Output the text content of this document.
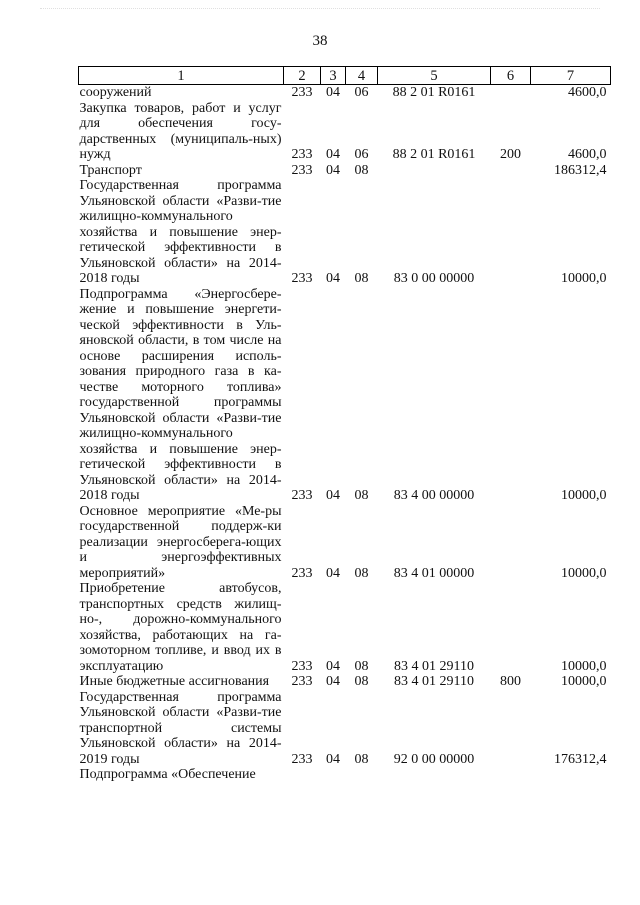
38
1	2	3	4	5	6	7
сооружений	233	04	06	88 2 01 R0161		4600,0
Закупка товаров, работ и услуг для обеспечения госу-дарственных (муниципаль-ных) нужд	233	04	06	88 2 01 R0161	200	4600,0
Транспорт	233	04	08			186312,4
Государственная программа Ульяновской области «Разви-тие жилищно-коммунального хозяйства и повышение энер-гетической эффективности в Ульяновской области» на 2014-2018 годы	233	04	08	83 0 00 00000		10000,0
Подпрограмма «Энергосбере-жение и повышение энергети-ческой эффективности в Уль-яновской области, в том числе на основе расширения исполь-зования природного газа в ка-честве моторного топлива» государственной программы Ульяновской области «Разви-тие жилищно-коммунального хозяйства и повышение энер-гетической эффективности в Ульяновской области» на 2014-2018 годы	233	04	08	83 4 00 00000		10000,0
Основное мероприятие «Ме-ры государственной поддерж-ки реализации энергосберега-ющих и энергоэффективных мероприятий»	233	04	08	83 4 01 00000		10000,0
Приобретение автобусов, транспортных средств жилищ-но-, дорожно-коммунального хозяйства, работающих на га-зомоторном топливе, и ввод их в эксплуатацию	233	04	08	83 4 01 29110		10000,0
Иные бюджетные ассигнования	233	04	08	83 4 01 29110	800	10000,0
Государственная программа Ульяновской области «Разви-тие транспортной системы Ульяновской области» на 2014-2019 годы	233	04	08	92 0 00 00000		176312,4
Подпрограмма «Обеспечение						
